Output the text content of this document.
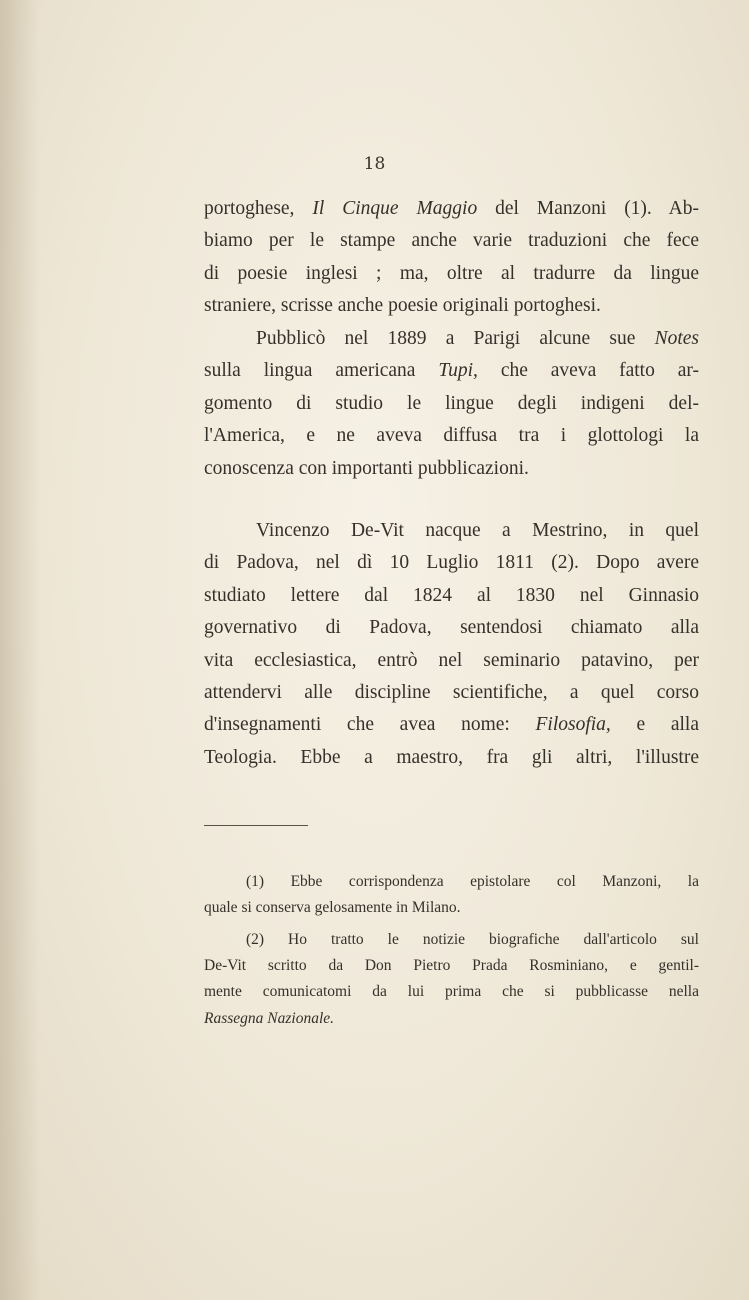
18
portoghese, Il Cinque Maggio del Manzoni (1). Ab-
biamo per le stampe anche varie traduzioni che fece
di poesie inglesi ; ma, oltre al tradurre da lingue
straniere, scrisse anche poesie originali portoghesi.
Pubblicò nel 1889 a Parigi alcune sue Notes
sulla lingua americana Tupi, che aveva fatto ar-
gomento di studio le lingue degli indigeni del-
l'America, e ne aveva diffusa tra i glottologi la
conoscenza con importanti pubblicazioni.
Vincenzo De-Vit nacque a Mestrino, in quel
di Padova, nel dì 10 Luglio 1811 (2). Dopo avere
studiato lettere dal 1824 al 1830 nel Ginnasio
governativo di Padova, sentendosi chiamato alla
vita ecclesiastica, entrò nel seminario patavino, per
attendervi alle discipline scientifiche, a quel corso
d'insegnamenti che avea nome: Filosofia, e alla
Teologia. Ebbe a maestro, fra gli altri, l'illustre
(1) Ebbe corrispondenza epistolare col Manzoni, la
quale si conserva gelosamente in Milano.
(2) Ho tratto le notizie biografiche dall'articolo sul
De-Vit scritto da Don Pietro Prada Rosminiano, e gentil-
mente comunicatomi da lui prima che si pubblicasse nella
Rassegna Nazionale.
